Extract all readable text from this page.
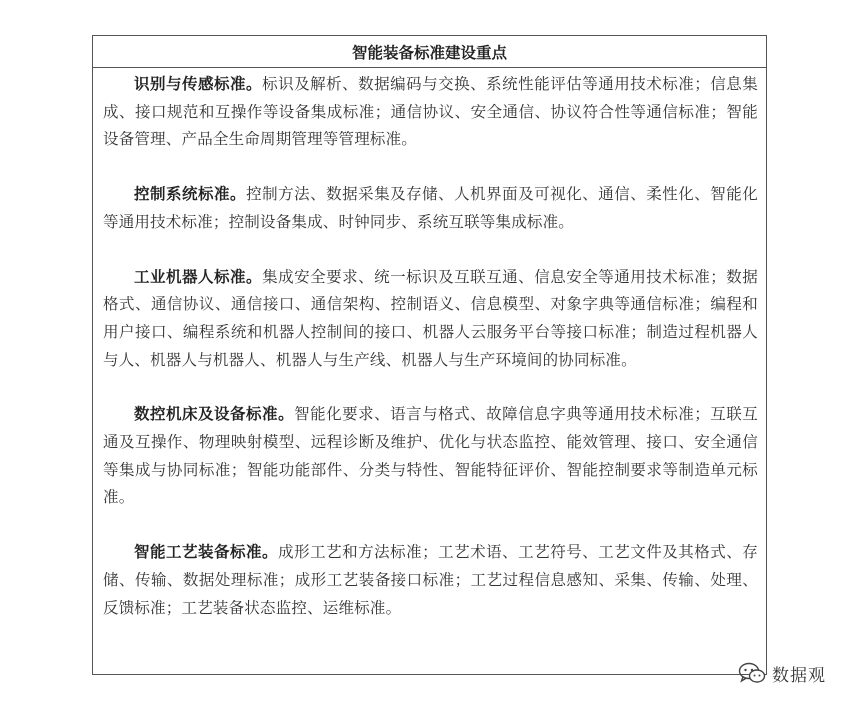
智能装备标准建设重点

识别与传感标准。标识及解析、数据编码与交换、系统性能评估等通用技术标准；信息集成、接口规范和互操作等设备集成标准；通信协议、安全通信、协议符合性等通信标准；智能设备管理、产品全生命周期管理等管理标准。

控制系统标准。控制方法、数据采集及存储、人机界面及可视化、通信、柔性化、智能化等通用技术标准；控制设备集成、时钟同步、系统互联等集成标准。

工业机器人标准。集成安全要求、统一标识及互联互通、信息安全等通用技术标准；数据格式、通信协议、通信接口、通信架构、控制语义、信息模型、对象字典等通信标准；编程和用户接口、编程系统和机器人控制间的接口、机器人云服务平台等接口标准；制造过程机器人与人、机器人与机器人、机器人与生产线、机器人与生产环境间的协同标准。

数控机床及设备标准。智能化要求、语言与格式、故障信息字典等通用技术标准；互联互通及互操作、物理映射模型、远程诊断及维护、优化与状态监控、能效管理、接口、安全通信等集成与协同标准；智能功能部件、分类与特性、智能特征评价、智能控制要求等制造单元标准。

智能工艺装备标准。成形工艺和方法标准；工艺术语、工艺符号、工艺文件及其格式、存储、传输、数据处理标准；成形工艺装备接口标准；工艺过程信息感知、采集、传输、处理、反馈标准；工艺装备状态监控、运维标准。

数据观
